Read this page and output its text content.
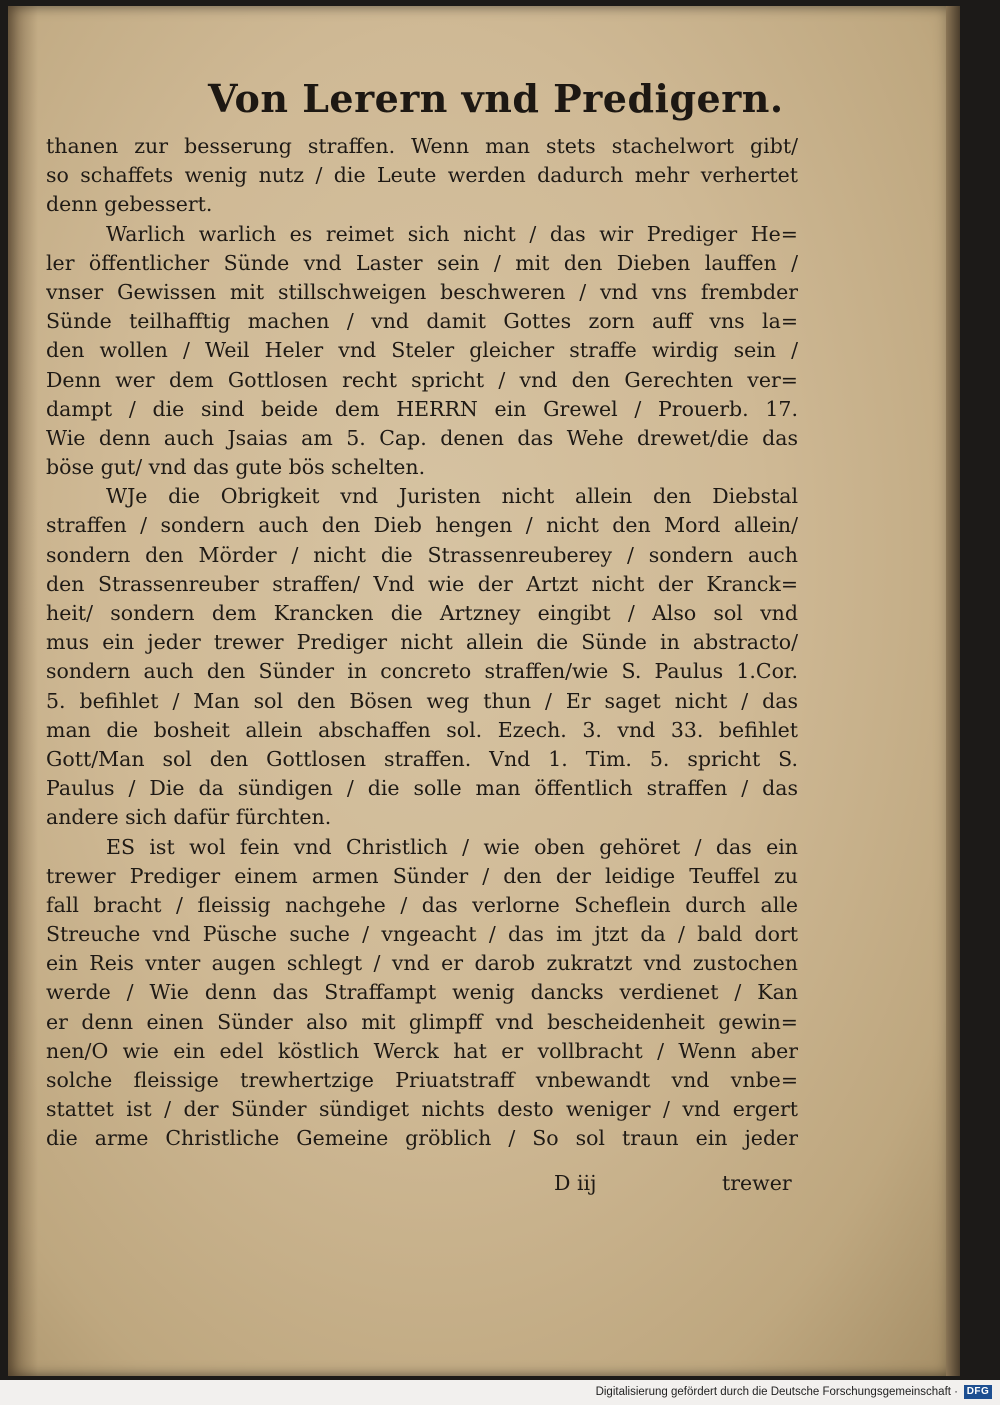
Von Lerern vnd Predigern.
thanen zur besserung straffen. Wenn man stets stachelwort gibt/
so schaffets wenig nutz / die Leute werden dadurch mehr verhertet
denn gebessert.
Warlich warlich es reimet sich nicht / das wir Prediger He=
ler öffentlicher Sünde vnd Laster sein / mit den Dieben lauffen /
vnser Gewissen mit stillschweigen beschweren / vnd vns frembder
Sünde teilhafftig machen / vnd damit Gottes zorn auff vns la=
den wollen / Weil Heler vnd Steler gleicher straffe wirdig sein /
Denn wer dem Gottlosen recht spricht / vnd den Gerechten ver=
dampt / die sind beide dem HERRN ein Grewel / Prouerb. 17.
Wie denn auch Jsaias am 5. Cap. denen das Wehe drewet/die das
böse gut/ vnd das gute bös schelten.
WJe die Obrigkeit vnd Juristen nicht allein den Diebstal
straffen / sondern auch den Dieb hengen / nicht den Mord allein/
sondern den Mörder / nicht die Strassenreuberey / sondern auch
den Strassenreuber straffen/ Vnd wie der Artzt nicht der Kranck=
heit/ sondern dem Krancken die Artzney eingibt / Also sol vnd
mus ein jeder trewer Prediger nicht allein die Sünde in abstracto/
sondern auch den Sünder in concreto straffen/wie S. Paulus 1.Cor.
5. befihlet / Man sol den Bösen weg thun / Er saget nicht / das
man die bosheit allein abschaffen sol. Ezech. 3. vnd 33. befihlet
Gott/Man sol den Gottlosen straffen. Vnd 1. Tim. 5. spricht S.
Paulus / Die da sündigen / die solle man öffentlich straffen / das
andere sich dafür fürchten.
ES ist wol fein vnd Christlich / wie oben gehöret / das ein
trewer Prediger einem armen Sünder / den der leidige Teuffel zu
fall bracht / fleissig nachgehe / das verlorne Scheflein durch alle
Streuche vnd Püsche suche / vngeacht / das im jtzt da / bald dort
ein Reis vnter augen schlegt / vnd er darob zukratzt vnd zustochen
werde / Wie denn das Straffampt wenig dancks verdienet / Kan
er denn einen Sünder also mit glimpff vnd bescheidenheit gewin=
nen/O wie ein edel köstlich Werck hat er vollbracht / Wenn aber
solche fleissige trewhertzige Priuatstraff vnbewandt vnd vnbe=
stattet ist / der Sünder sündiget nichts desto weniger / vnd ergert
die arme Christliche Gemeine gröblich / So sol traun ein jeder
D iij	trewer
Digitalisierung gefördert durch die Deutsche Forschungsgemeinschaft · DFG
